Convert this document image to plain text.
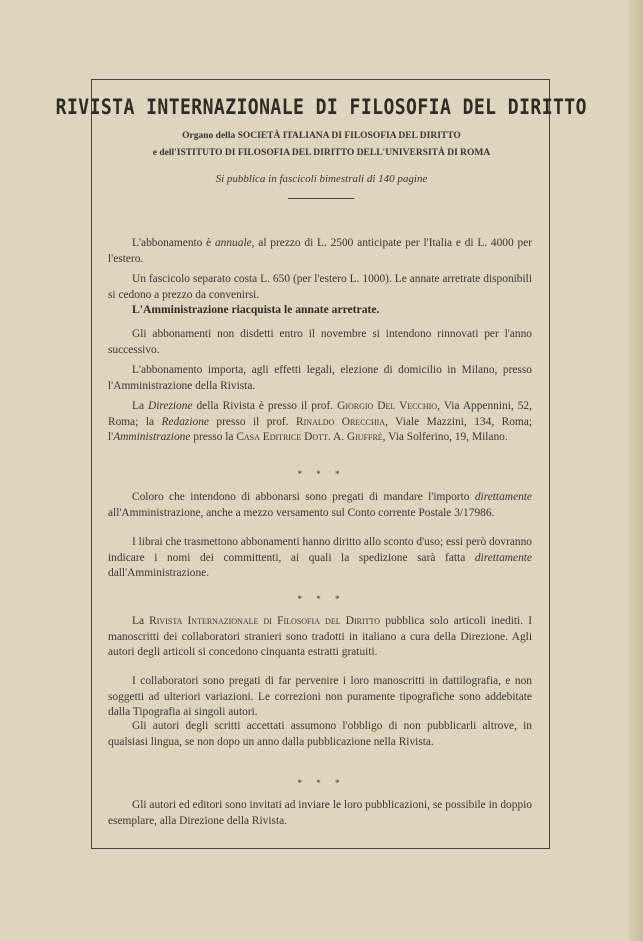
RIVISTA INTERNAZIONALE DI FILOSOFIA DEL DIRITTO
Organo della SOCIETÀ ITALIANA DI FILOSOFIA DEL DIRITTO
e dell'ISTITUTO DI FILOSOFIA DEL DIRITTO DELL'UNIVERSITÀ DI ROMA
Si pubblica in fascicoli bimestrali di 140 pagine
L'abbonamento è annuale, al prezzo di L. 2500 anticipate per l'Italia e di L. 4000 per l'estero.
Un fascicolo separato costa L. 650 (per l'estero L. 1000). Le annate arretrate disponibili si cedono a prezzo da convenirsi.
L'Amministrazione riacquista le annate arretrate.
Gli abbonamenti non disdetti entro il novembre si intendono rinnovati per l'anno successivo.
L'abbonamento importa, agli effetti legali, elezione di domicilio in Milano, presso l'Amministrazione della Rivista.
La Direzione della Rivista è presso il prof. Giorgio Del Vecchio, Via Appennini, 52, Roma; la Redazione presso il prof. Rinaldo Orecchia, Viale Mazzini, 134, Roma; l'Amministrazione presso la Casa Editrice Dott. A. Giuffrè, Via Solferino, 19, Milano.
* * *
Coloro che intendono di abbonarsi sono pregati di mandare l'importo direttamente all'Amministrazione, anche a mezzo versamento sul Conto corrente Postale 3/17986.
I librai che trasmettono abbonamenti hanno diritto allo sconto d'uso; essi però dovranno indicare i nomi dei committenti, ai quali la spedizione sarà fatta direttamente dall'Amministrazione.
* * *
La Rivista Internazionale di Filosofia del Diritto pubblica solo articoli inediti. I manoscritti dei collaboratori stranieri sono tradotti in italiano a cura della Direzione. Agli autori degli articoli si concedono cinquanta estratti gratuiti.
I collaboratori sono pregati di far pervenire i loro manoscritti in dattilografia, e non soggetti ad ulteriori variazioni. Le correzioni non puramente tipografiche sono addebitate dalla Tipografia ai singoli autori.
Gli autori degli scritti accettati assumono l'obbligo di non pubblicarli altrove, in qualsiasi lingua, se non dopo un anno dalla pubblicazione nella Rivista.
* * *
Gli autori ed editori sono invitati ad inviare le loro pubblicazioni, se possibile in doppio esemplare, alla Direzione della Rivista.
